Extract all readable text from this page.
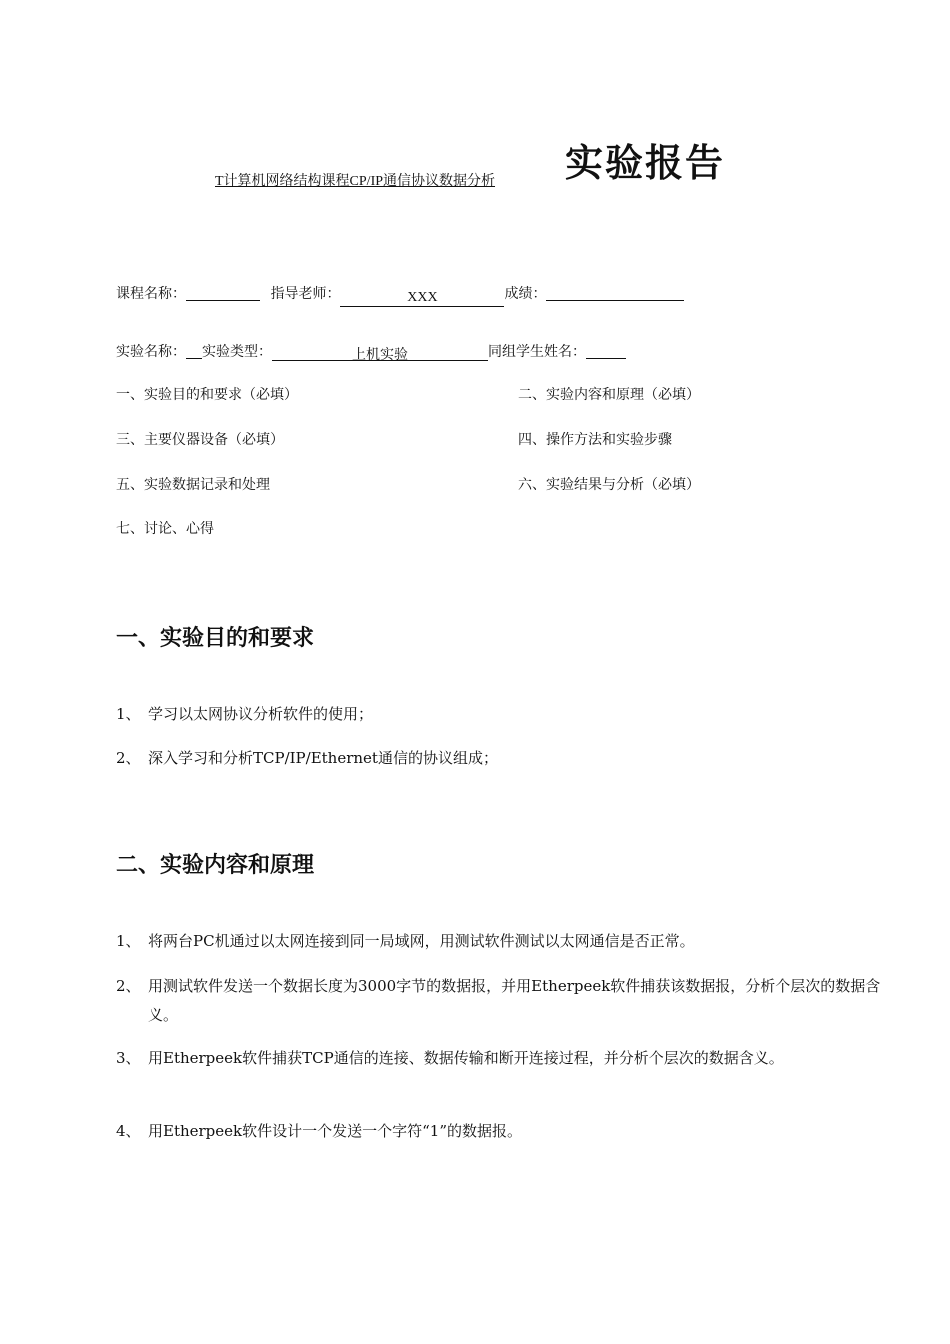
T计算机网络结构课程CP/IP通信协议数据分析 实验报告
课程名称：	指导老师：	XXX	成绩：
实验名称： 实验类型：	上机实验	同组学生姓名：
一、实验目的和要求（必填）	二、实验内容和原理（必填）
三、主要仪器设备（必填）	四、操作方法和实验步骤
五、实验数据记录和处理	六、实验结果与分析（必填）
七、讨论、心得
一、实验目的和要求
1、 学习以太网协议分析软件的使用；
2、 深入学习和分析TCP/IP/Ethernet通信的协议组成；
二、实验内容和原理
1、 将两台PC机通过以太网连接到同一局域网，用测试软件测试以太网通信是否正常。
2、 用测试软件发送一个数据长度为3000字节的数据报，并用Etherpeek软件捕获该数据报，分析个层次的数据含义。
3、 用Etherpeek软件捕获TCP通信的连接、数据传输和断开连接过程，并分析个层次的数据含义。
4、 用Etherpeek软件设计一个发送一个字符“1”的数据报。
